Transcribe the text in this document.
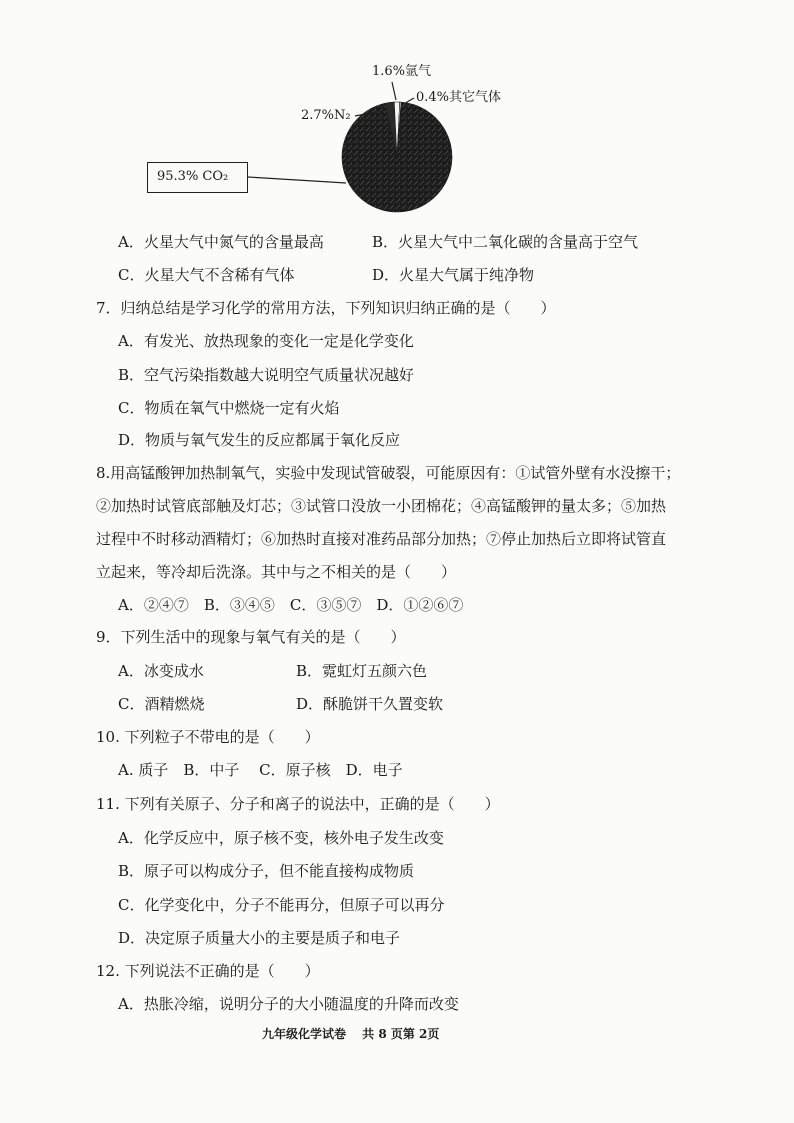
1.6%氩气
0.4%其它气体
2.7%N₂
95.3% CO₂
A．火星大气中氮气的含量最高	B．火星大气中二氧化碳的含量高于空气
C．火星大气不含稀有气体	D．火星大气属于纯净物
7．归纳总结是学习化学的常用方法，下列知识归纳正确的是（　　）
A．有发光、放热现象的变化一定是化学变化
B．空气污染指数越大说明空气质量状况越好
C．物质在氧气中燃烧一定有火焰
D．物质与氧气发生的反应都属于氧化反应
8.用高锰酸钾加热制氧气，实验中发现试管破裂，可能原因有：①试管外壁有水没擦干；
②加热时试管底部触及灯芯；③试管口没放一小团棉花；④高锰酸钾的量太多；⑤加热
过程中不时移动酒精灯；⑥加热时直接对准药品部分加热；⑦停止加热后立即将试管直
立起来，等冷却后洗涤。其中与之不相关的是（　　）
A．②④⑦　B．③④⑤　C．③⑤⑦　D．①②⑥⑦
9．下列生活中的现象与氧气有关的是（　　）
A．冰变成水	B．霓虹灯五颜六色
C．酒精燃烧	D．酥脆饼干久置变软
10. 下列粒子不带电的是（　　）
A. 质子　B．中子　 C．原子核　D．电子
11. 下列有关原子、分子和离子的说法中，正确的是（　　）
A．化学反应中，原子核不变，核外电子发生改变
B．原子可以构成分子，但不能直接构成物质
C．化学变化中，分子不能再分，但原子可以再分
D．决定原子质量大小的主要是质子和电子
12. 下列说法不正确的是（　　）
A．热胀冷缩，说明分子的大小随温度的升降而改变
九年级化学试卷　 共 8 页第 2页
